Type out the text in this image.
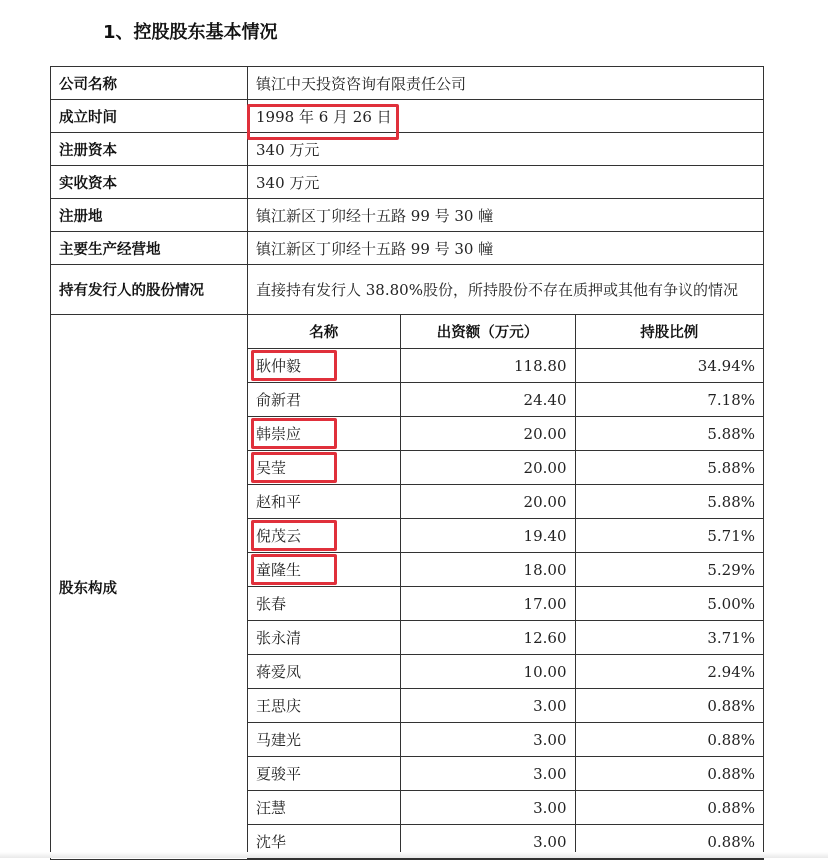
1、控股股东基本情况
公司名称	镇江中天投资咨询有限责任公司
成立时间	1998 年 6 月 26 日
注册资本	340 万元
实收资本	340 万元
注册地	镇江新区丁卯经十五路 99 号 30 幢
主要生产经营地	镇江新区丁卯经十五路 99 号 30 幢
持有发行人的股份情况	直接持有发行人 38.80%股份，所持股份不存在质押或其他有争议的情况
股东构成	
名称	出资额（万元）	持股比例
耿仲毅	118.80	34.94%
俞新君	24.40	7.18%
韩崇应	20.00	5.88%
吴莹	20.00	5.88%
赵和平	20.00	5.88%
倪茂云	19.40	5.71%
童隆生	18.00	5.29%
张春	17.00	5.00%
张永清	12.60	3.71%
蒋爱凤	10.00	2.94%
王思庆	3.00	0.88%
马建光	3.00	0.88%
夏骏平	3.00	0.88%
汪慧	3.00	0.88%
沈华	3.00	0.88%
